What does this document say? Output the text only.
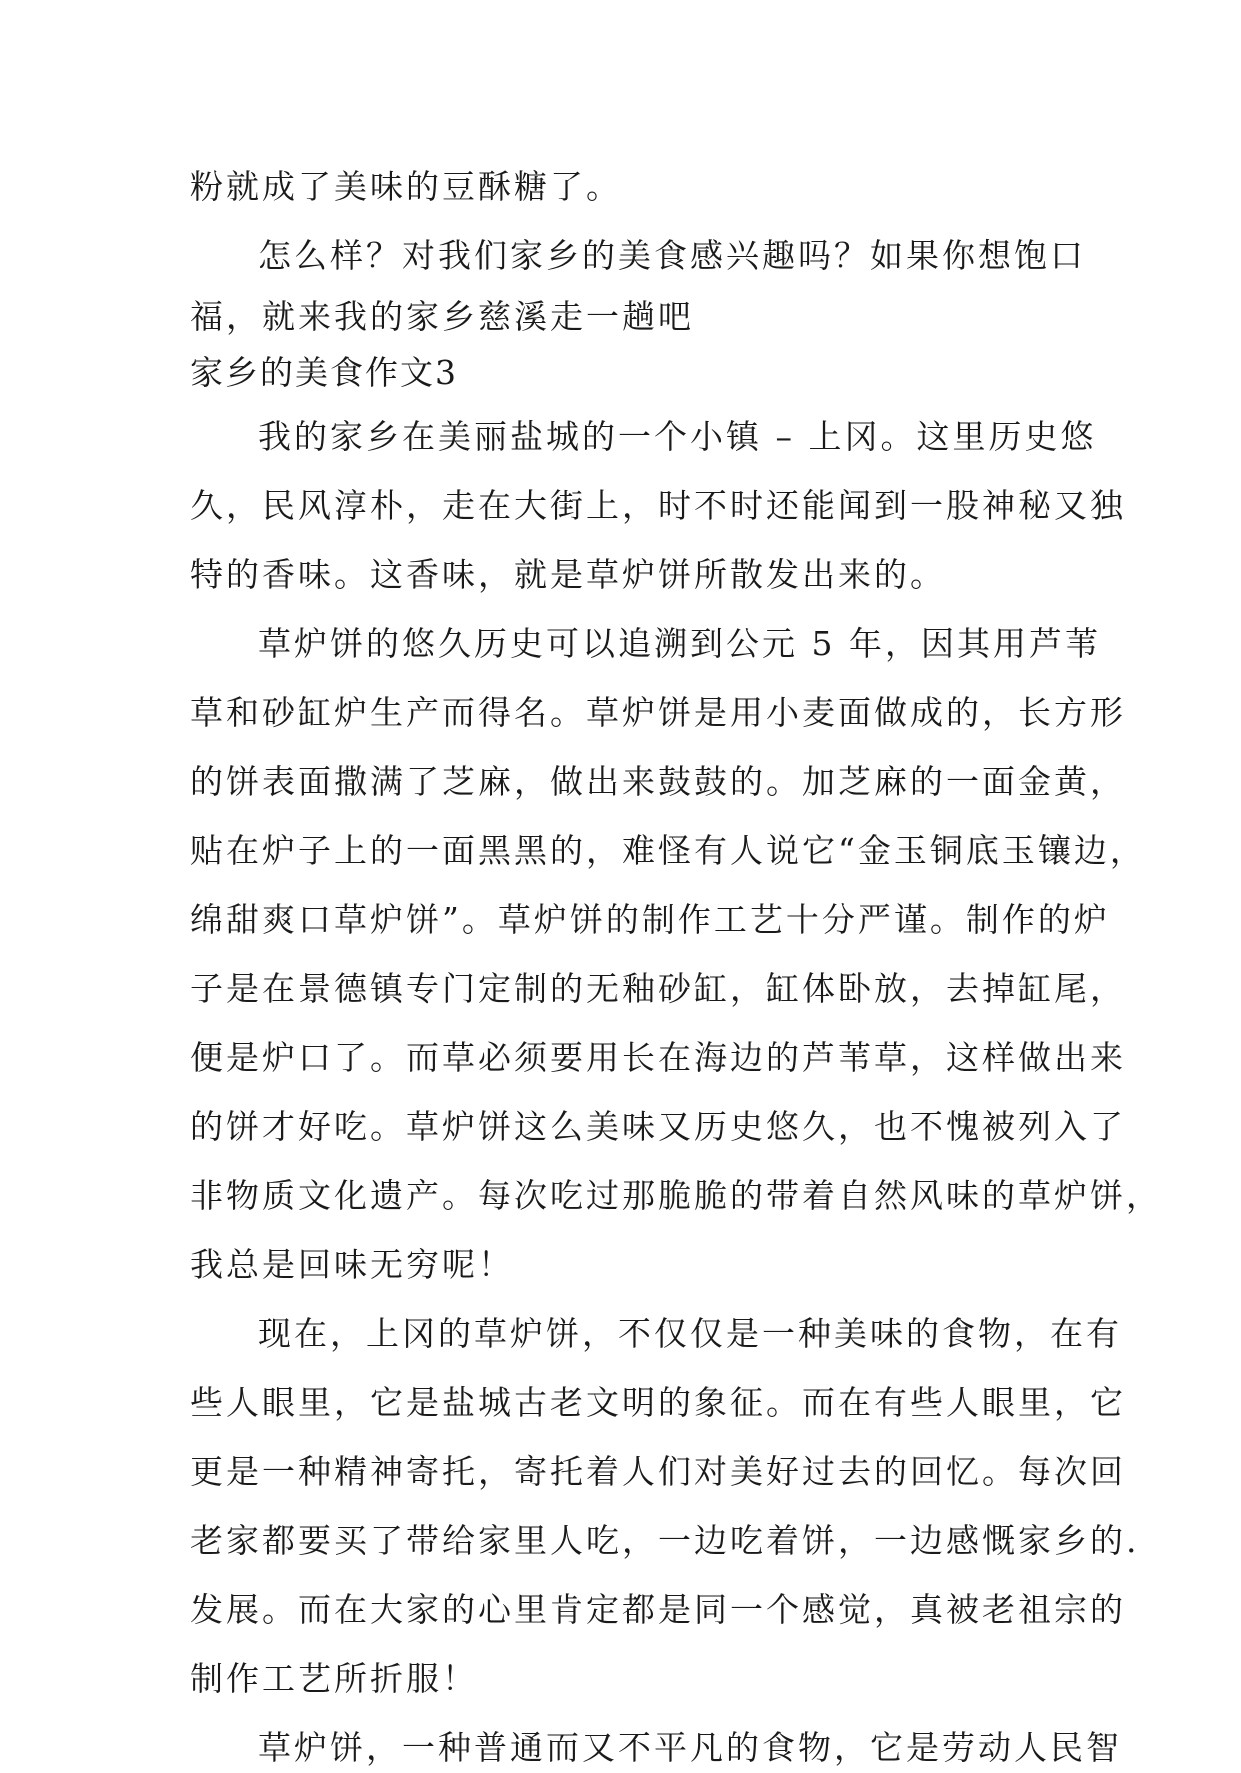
粉就成了美味的豆酥糖了。

怎么样？对我们家乡的美食感兴趣吗？如果你想饱口

福，就来我的家乡慈溪走一趟吧

家乡的美食作文3

我的家乡在美丽盐城的一个小镇 – 上冈。这里历史悠

久，民风淳朴，走在大街上，时不时还能闻到一股神秘又独

特的香味。这香味，就是草炉饼所散发出来的。

草炉饼的悠久历史可以追溯到公元 5 年，因其用芦苇

草和砂缸炉生产而得名。草炉饼是用小麦面做成的，长方形

的饼表面撒满了芝麻，做出来鼓鼓的。加芝麻的一面金黄，

贴在炉子上的一面黑黑的，难怪有人说它“金玉铜底玉镶边，

绵甜爽口草炉饼”。草炉饼的制作工艺十分严谨。制作的炉

子是在景德镇专门定制的无釉砂缸，缸体卧放，去掉缸尾，

便是炉口了。而草必须要用长在海边的芦苇草，这样做出来

的饼才好吃。草炉饼这么美味又历史悠久，也不愧被列入了

非物质文化遗产。每次吃过那脆脆的带着自然风味的草炉饼，

我总是回味无穷呢！

现在，上冈的草炉饼，不仅仅是一种美味的食物，在有

些人眼里，它是盐城古老文明的象征。而在有些人眼里，它

更是一种精神寄托，寄托着人们对美好过去的回忆。每次回

老家都要买了带给家里人吃，一边吃着饼，一边感慨家乡的.

发展。而在大家的心里肯定都是同一个感觉，真被老祖宗的

制作工艺所折服！

草炉饼，一种普通而又不平凡的食物，它是劳动人民智
